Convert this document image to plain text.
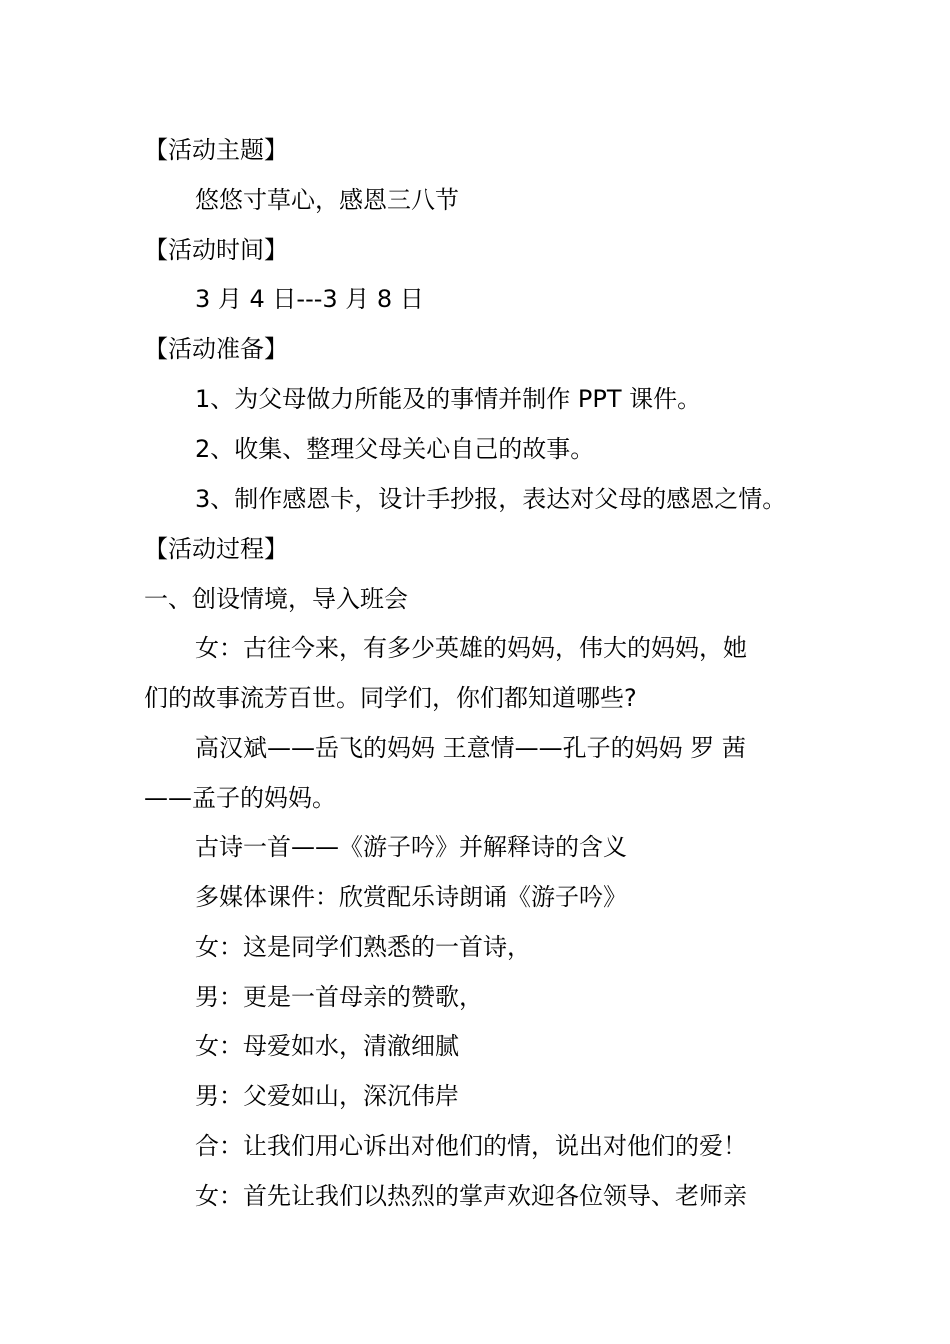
【活动主题】
悠悠寸草心，感恩三八节
【活动时间】
3 月 4 日---3 月 8 日
【活动准备】
1、为父母做力所能及的事情并制作 PPT 课件。
2、收集、整理父母关心自己的故事。
3、制作感恩卡，设计手抄报，表达对父母的感恩之情。
【活动过程】
一、创设情境，导入班会
女：古往今来，有多少英雄的妈妈，伟大的妈妈，她
们的故事流芳百世。同学们，你们都知道哪些?
高汉斌——岳飞的妈妈 王意情——孔子的妈妈 罗 茜
——孟子的妈妈。
古诗一首——《游子吟》并解释诗的含义
多媒体课件：欣赏配乐诗朗诵《游子吟》
女：这是同学们熟悉的一首诗，
男：更是一首母亲的赞歌，
女：母爱如水，清澈细腻
男：父爱如山，深沉伟岸
合：让我们用心诉出对他们的情，说出对他们的爱！
女：首先让我们以热烈的掌声欢迎各位领导、老师亲
